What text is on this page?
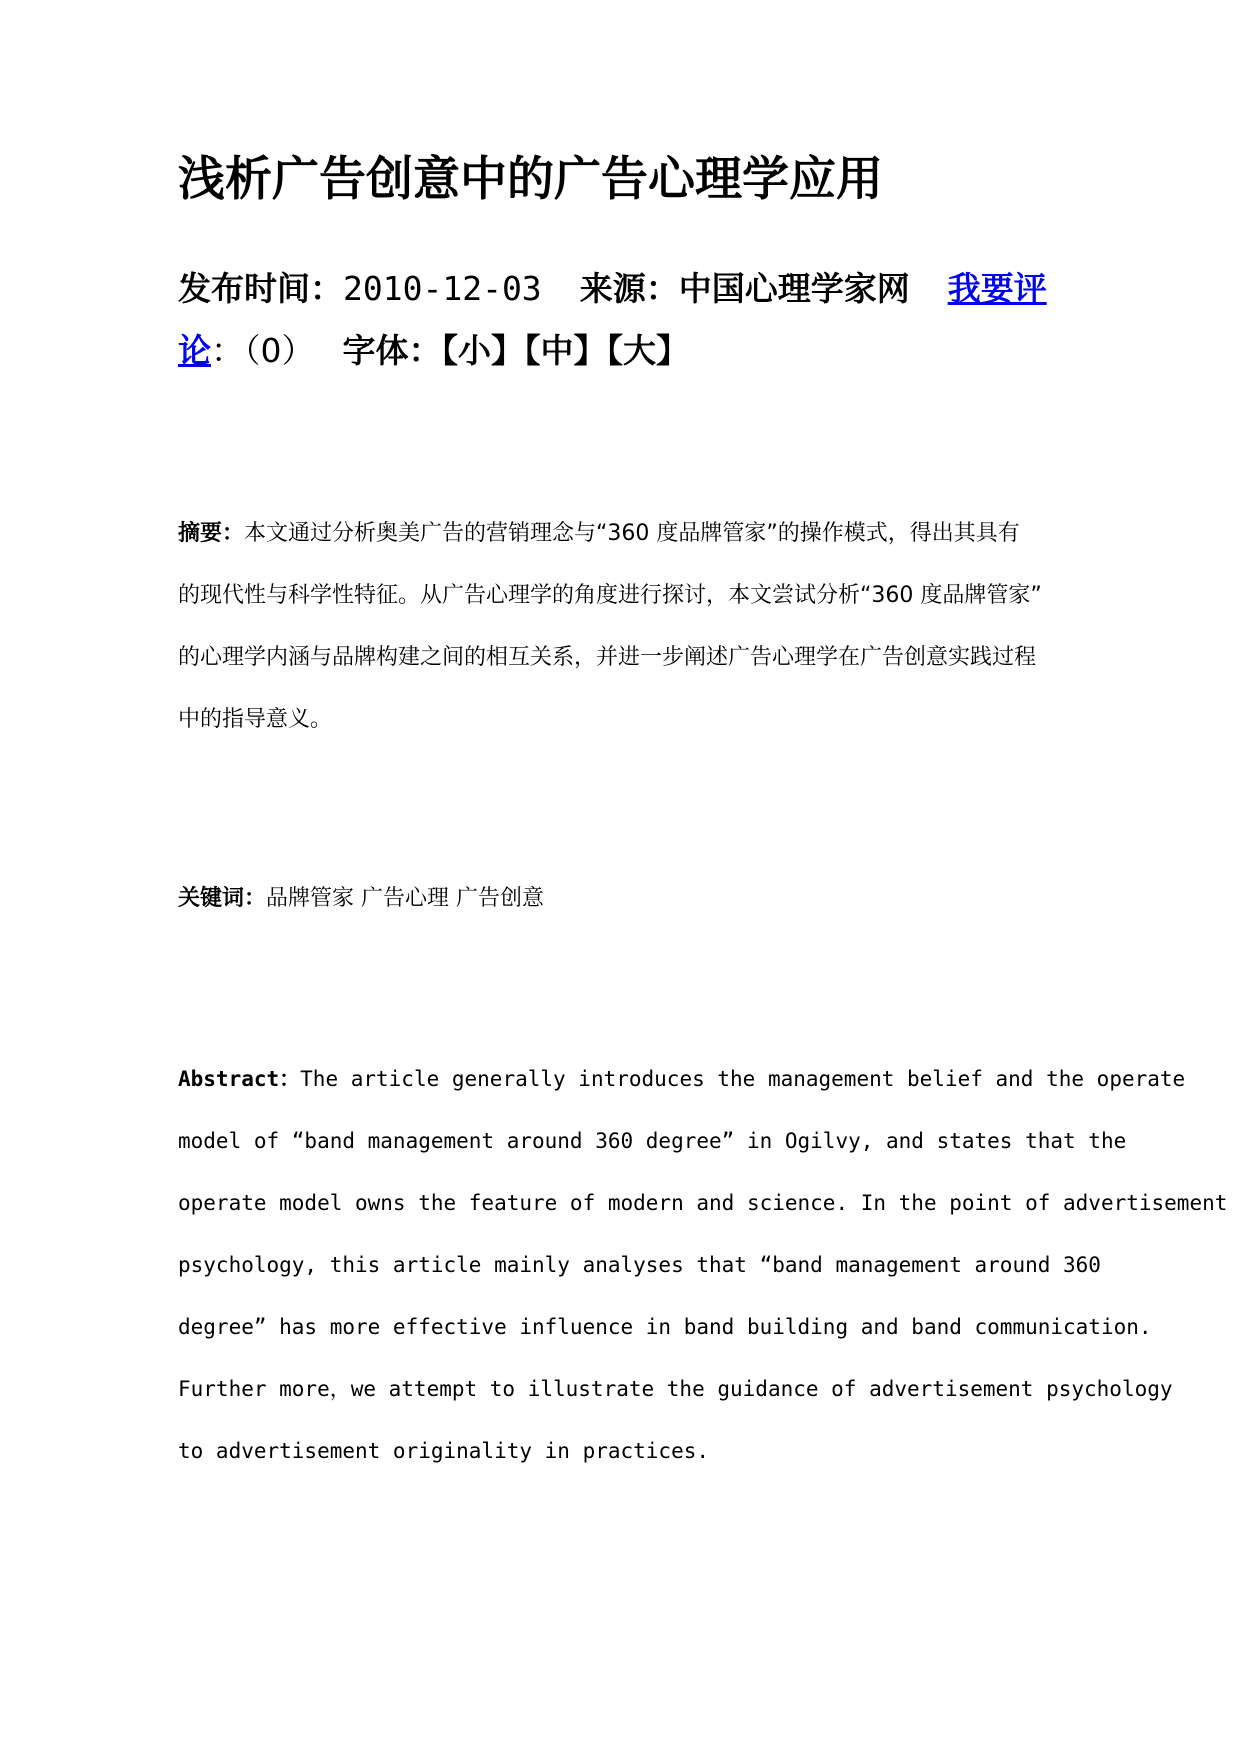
浅析广告创意中的广告心理学应用
发布时间：2010-12-03 来源：中国心理学家网 我要评
论：（0） 字体：【小】【中】【大】
摘要：本文通过分析奥美广告的营销理念与“360 度品牌管家”的操作模式，得出其具有
的现代性与科学性特征。从广告心理学的角度进行探讨，本文尝试分析“360 度品牌管家”
的心理学内涵与品牌构建之间的相互关系，并进一步阐述广告心理学在广告创意实践过程
中的指导意义。
关键词：品牌管家 广告心理 广告创意
Abstract：The article generally introduces the management belief and the operate
model of “band management around 360 degree” in Ogilvy, and states that the
operate model owns the feature of modern and science. In the point of advertisement
psychology, this article mainly analyses that “band management around 360
degree” has more effective influence in band building and band communication.
Further more，we attempt to illustrate the guidance of advertisement psychology
to advertisement originality in practices.
